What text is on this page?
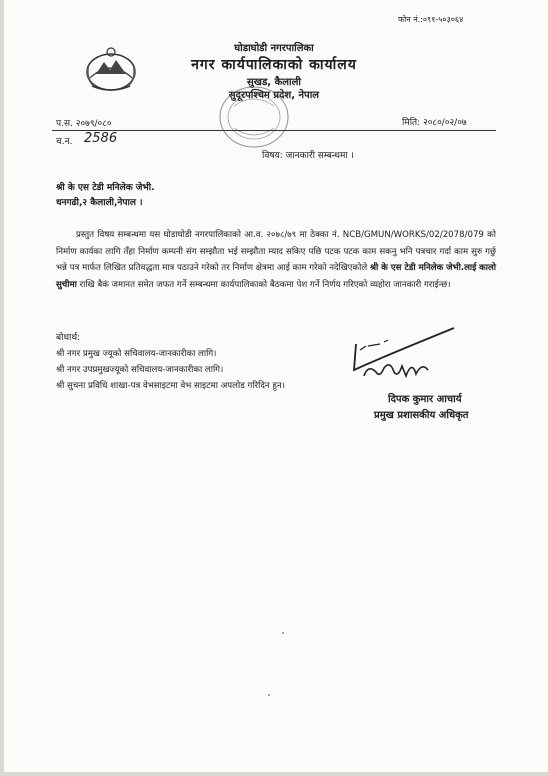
फोन नं.:०९१-५०३०६४
घोडाघोडी नगरपालिका
नगर कार्यपालिकाको कार्यालय
सुखड, कैलाली
सुदूरपश्चिम प्रदेश, नेपाल
प.स. २०७९/०८०	मिति: २०८०/०२/०७
च.न. 2586
विषय: जानकारी सम्बन्धमा ।
श्री के एस टेडी मनिलेक जेभी.
धनगढी,२ कैलाली,नेपाल ।
प्रस्तुत विषय सम्बन्धमा यस घोडाघोडी नगरपालिकाको आ.व. २०७८/७९ मा ठेक्का नं. NCB/GMUN/WORKS/02/2078/079 को निर्माण कार्यका लागि तँहा निर्माण कम्पनी संग सम्झौता भई सम्झौता म्याद सकिए पछि पटक पटक काम सकनु भनि पत्रचार गर्दा काम सुरु गर्छु भन्ने पत्र मार्फत लिखित प्रतिवद्धता मात्र पठाउने गरेको तर निर्माण क्षेत्रमा आई काम गरेको नदेखिएकोले श्री के एस टेडी मनिलेक जेभी.लाई कालो सुचीमा राखि बैकं जमानत समेत जफत गर्ने सम्बन्धमा कार्यपालिकाको बैठकमा पेश गर्ने निर्णय गरिएको व्यहोरा जानकारी गराईन्छ।
बोधार्थ:
श्री नगर प्रमुख ज्यूको सचिवालय-जानकारीका लागि।
श्री नगर उपप्रमुखज्यूको सचिवालय-जानकारीका लागि।
श्री सुचना प्रविधि शाखा-पत्र वेभसाइटमा वेभ साइटमा अपलोड गरिदिन हुन।
दिपक कुमार आचार्य
प्रमुख प्रशासकीय अधिकृत
